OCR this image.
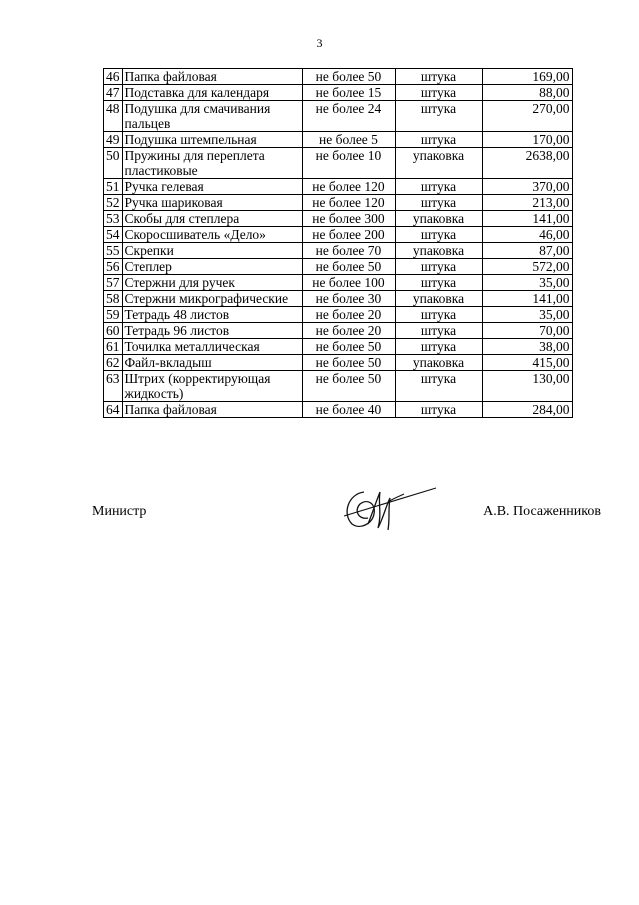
3
46	Папка файловая	не более 50	штука	169,00
47	Подставка для календаря	не более 15	штука	88,00
48	Подушка для смачивания пальцев	не более 24	штука	270,00
49	Подушка штемпельная	не более 5	штука	170,00
50	Пружины для переплета пластиковые	не более 10	упаковка	2638,00
51	Ручка гелевая	не более 120	штука	370,00
52	Ручка шариковая	не более 120	штука	213,00
53	Скобы для степлера	не более 300	упаковка	141,00
54	Скоросшиватель «Дело»	не более 200	штука	46,00
55	Скрепки	не более 70	упаковка	87,00
56	Степлер	не более 50	штука	572,00
57	Стержни для ручек	не более 100	штука	35,00
58	Стержни микрографические	не более 30	упаковка	141,00
59	Тетрадь 48 листов	не более 20	штука	35,00
60	Тетрадь 96 листов	не более 20	штука	70,00
61	Точилка металлическая	не более 50	штука	38,00
62	Файл-вкладыш	не более 50	упаковка	415,00
63	Штрих (корректирующая жидкость)	не более 50	штука	130,00
64	Папка файловая	не более 40	штука	284,00
Министр	А.В. Посаженников
